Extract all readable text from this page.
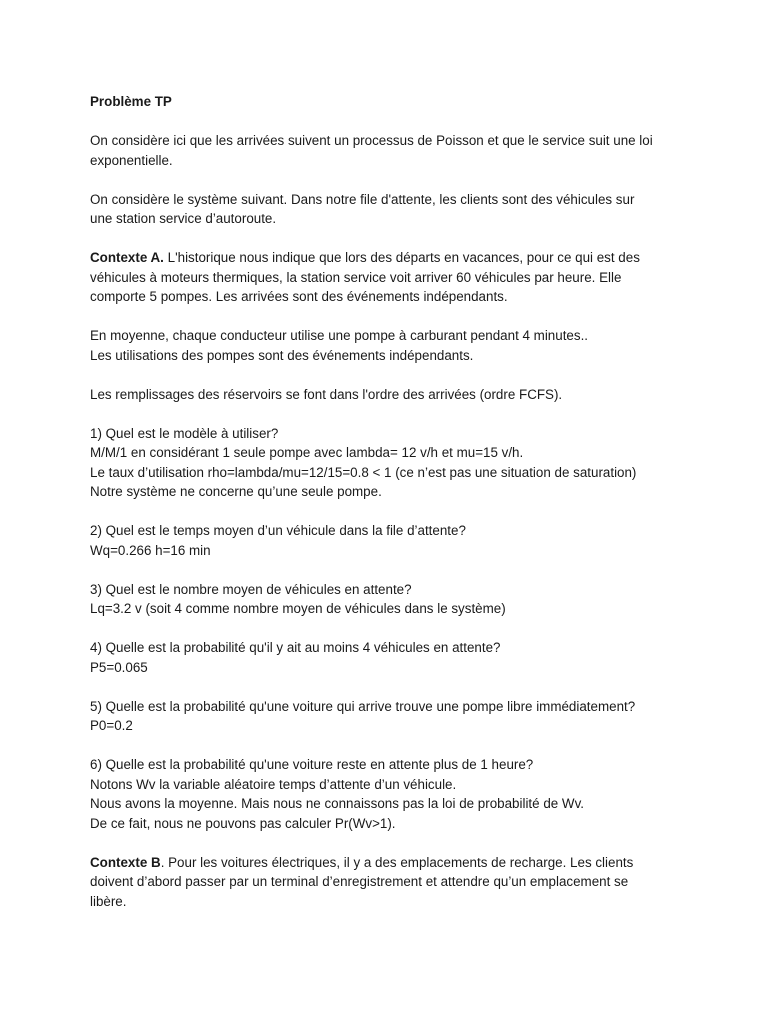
Problème TP

On considère ici que les arrivées suivent un processus de Poisson et que le service suit une loi
exponentielle.

On considère le système suivant. Dans notre file d'attente, les clients sont des véhicules sur
une station service d’autoroute.

Contexte A. L'historique nous indique que lors des départs en vacances, pour ce qui est des
véhicules à moteurs thermiques, la station service voit arriver 60 véhicules par heure. Elle
comporte 5 pompes. Les arrivées sont des événements indépendants.

En moyenne, chaque conducteur utilise une pompe à carburant pendant 4 minutes..
Les utilisations des pompes sont des événements indépendants.

Les remplissages des réservoirs se font dans l'ordre des arrivées (ordre FCFS).

1) Quel est le modèle à utiliser?
M/M/1 en considérant 1 seule pompe avec lambda= 12 v/h et mu=15 v/h.
Le taux d’utilisation rho=lambda/mu=12/15=0.8 < 1 (ce n’est pas une situation de saturation)
Notre système ne concerne qu’une seule pompe.

2) Quel est le temps moyen d’un véhicule dans la file d’attente?
Wq=0.266 h=16 min

3) Quel est le nombre moyen de véhicules en attente?
Lq=3.2 v (soit 4 comme nombre moyen de véhicules dans le système)

4) Quelle est la probabilité qu'il y ait au moins 4 véhicules en attente?
P5=0.065

5) Quelle est la probabilité qu'une voiture qui arrive trouve une pompe libre immédiatement?
P0=0.2

6) Quelle est la probabilité qu'une voiture reste en attente plus de 1 heure?
Notons Wv la variable aléatoire temps d’attente d’un véhicule.
Nous avons la moyenne. Mais nous ne connaissons pas la loi de probabilité de Wv.
De ce fait, nous ne pouvons pas calculer Pr(Wv>1).

Contexte B. Pour les voitures électriques, il y a des emplacements de recharge. Les clients
doivent d’abord passer par un terminal d’enregistrement et attendre qu’un emplacement se
libère.
